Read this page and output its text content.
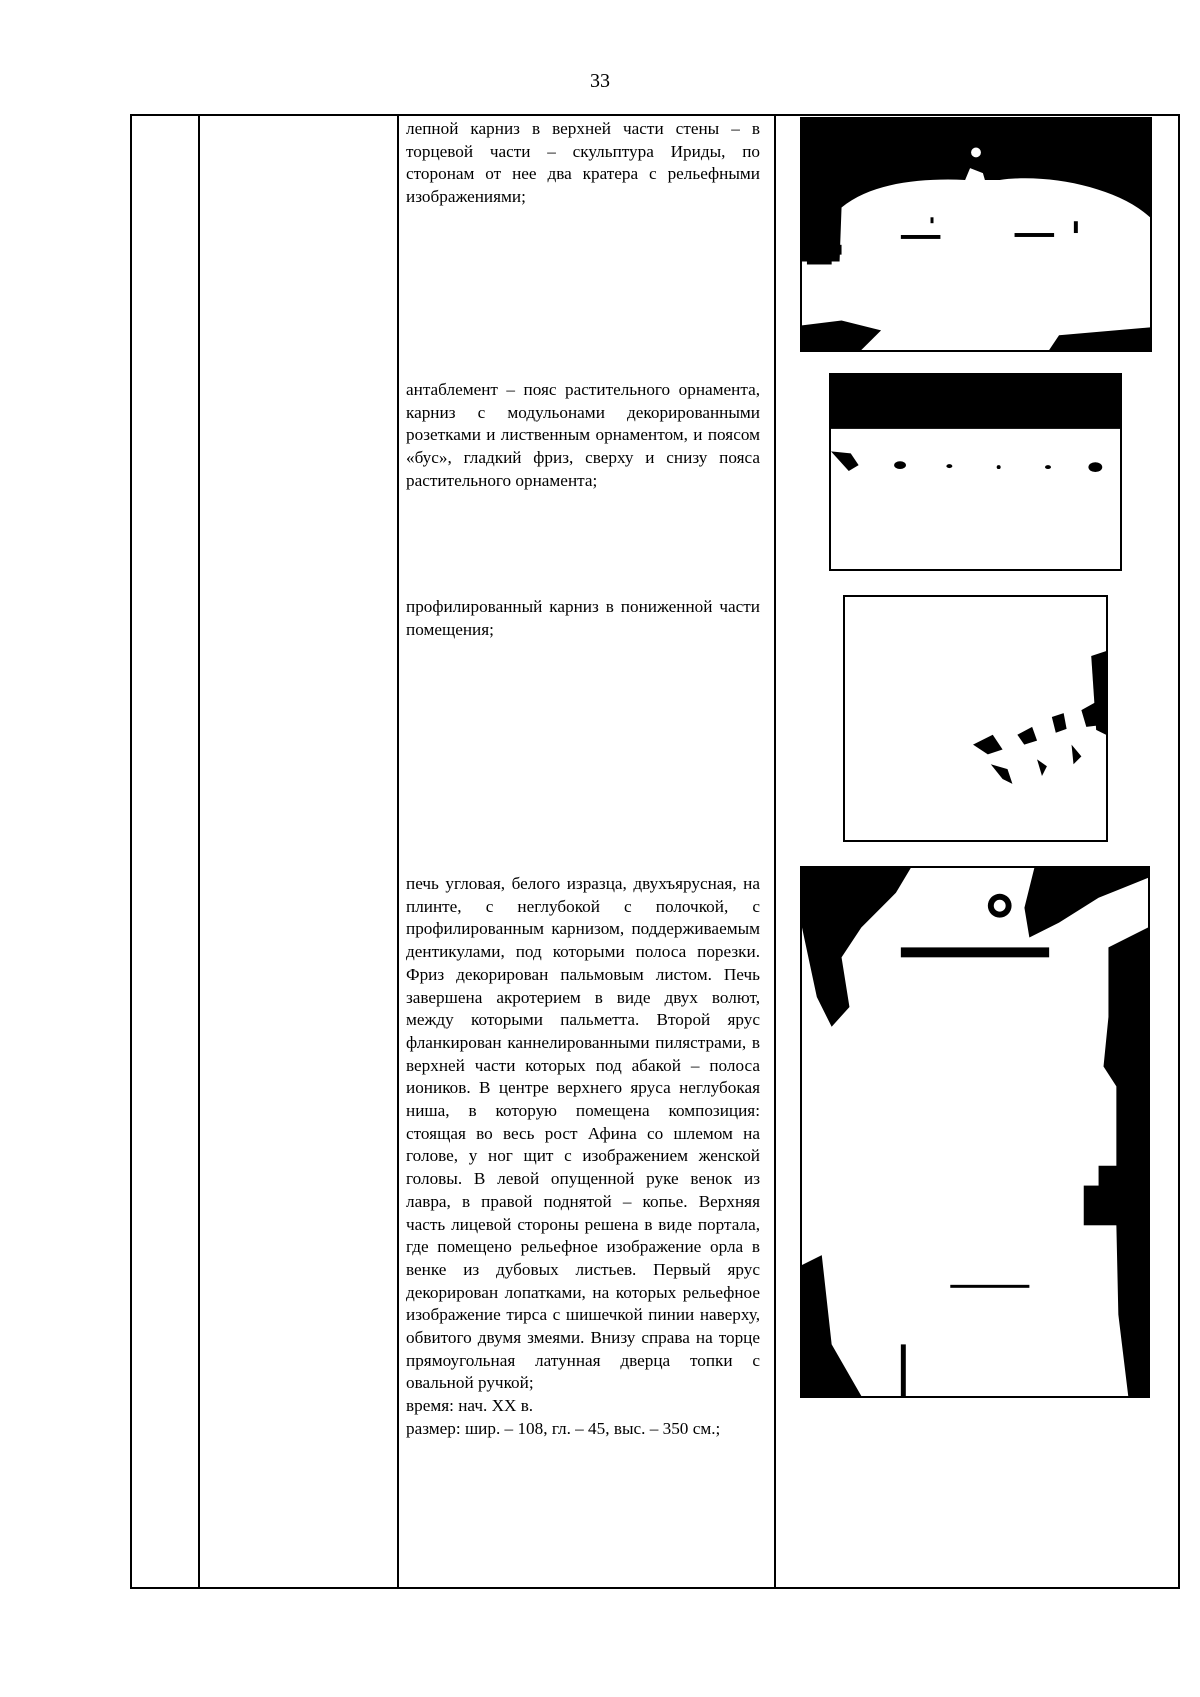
33

лепной карниз в верхней части стены – в торцевой части – скульптура Ириды, по сторонам от нее два кратера с рельефными изображениями;

антаблемент – пояс растительного орнамента, карниз с модульонами декорированными розетками и лиственным орнаментом, и поясом «бус», гладкий фриз, сверху и снизу пояса растительного орнамента;

профилированный карниз в пониженной части помещения;

печь угловая, белого изразца, двухъярусная, на плинте, с неглубокой с полочкой, с профилированным карнизом, поддерживаемым дентикулами, под которыми полоса порезки. Фриз декорирован пальмовым листом. Печь завершена акротерием в виде двух волют, между которыми пальметта. Второй ярус фланкирован каннелированными пилястрами, в верхней части которых под абакой – полоса иоников. В центре верхнего яруса неглубокая ниша, в которую помещена композиция: стоящая во весь рост Афина со шлемом на голове, у ног щит с изображением женской головы. В левой опущенной руке венок из лавра, в правой поднятой – копье. Верхняя часть лицевой стороны решена в виде портала, где помещено рельефное изображение орла в венке из дубовых листьев. Первый ярус декорирован лопатками, на которых рельефное изображение тирса с шишечкой пинии наверху, обвитого двумя змеями. Внизу справа на торце прямоугольная латунная дверца топки с овальной ручкой;

время: нач. XX в.

размер: шир. – 108, гл. – 45, выс. – 350 см.;
